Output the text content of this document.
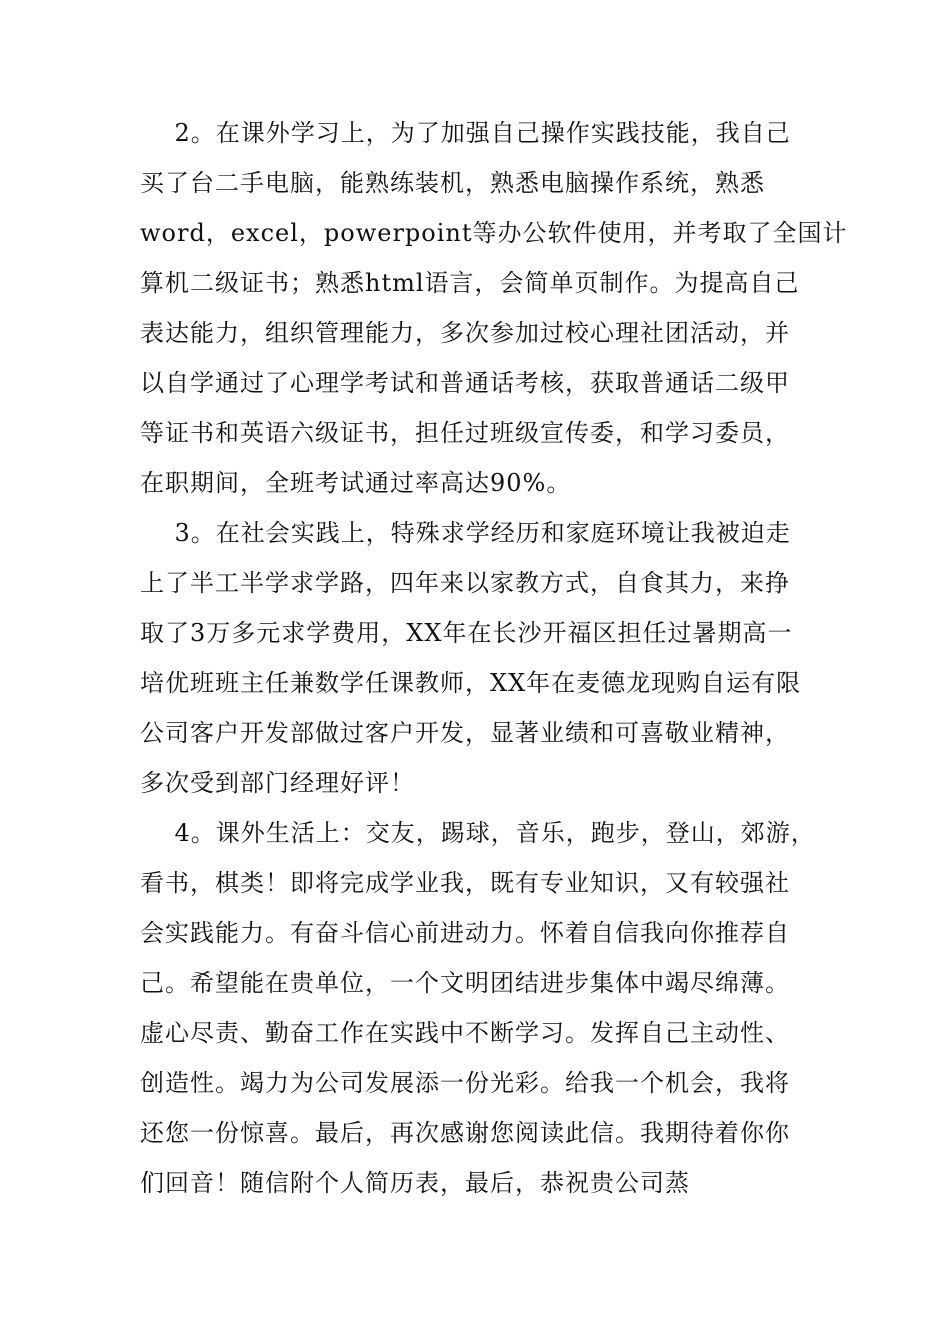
2。在课外学习上，为了加强自己操作实践技能，我自己
买了台二手电脑，能熟练装机，熟悉电脑操作系统，熟悉
word，excel，powerpoint等办公软件使用，并考取了全国计
算机二级证书；熟悉html语言，会简单页制作。为提高自己
表达能力，组织管理能力，多次参加过校心理社团活动，并
以自学通过了心理学考试和普通话考核，获取普通话二级甲
等证书和英语六级证书，担任过班级宣传委，和学习委员，
在职期间，全班考试通过率高达90%。
3。在社会实践上，特殊求学经历和家庭环境让我被迫走
上了半工半学求学路，四年来以家教方式，自食其力，来挣
取了3万多元求学费用，XX年在长沙开福区担任过暑期高一
培优班班主任兼数学任课教师，XX年在麦德龙现购自运有限
公司客户开发部做过客户开发，显著业绩和可喜敬业精神，
多次受到部门经理好评！
4。课外生活上：交友，踢球，音乐，跑步，登山，郊游，
看书，棋类！即将完成学业我，既有专业知识，又有较强社
会实践能力。有奋斗信心前进动力。怀着自信我向你推荐自
己。希望能在贵单位，一个文明团结进步集体中竭尽绵薄。
虚心尽责、勤奋工作在实践中不断学习。发挥自己主动性、
创造性。竭力为公司发展添一份光彩。给我一个机会，我将
还您一份惊喜。最后，再次感谢您阅读此信。我期待着你你
们回音！随信附个人简历表，最后，恭祝贵公司蒸
